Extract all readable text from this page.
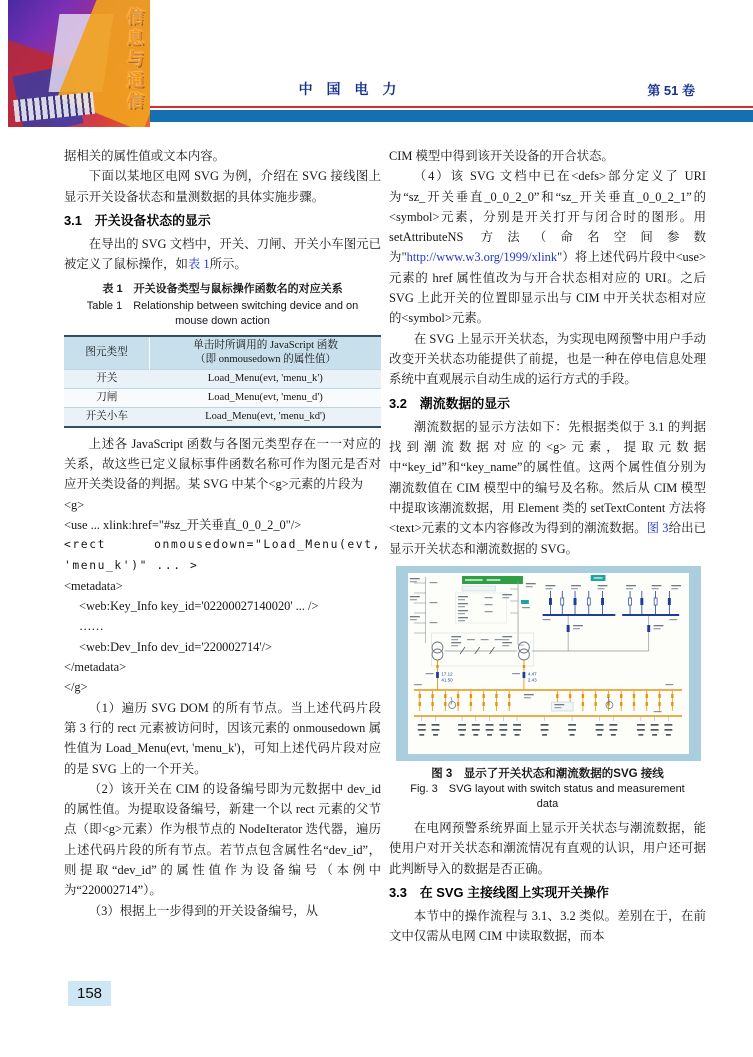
信息与通信	中 国 电 力	第 51 卷

据相关的属性值或文本内容。

下面以某地区电网 SVG 为例，介绍在 SVG 接线图上显示开关设备状态和量测数据的具体实施步骤。

3.1　开关设备状态的显示

在导出的 SVG 文档中，开关、刀闸、开关小车图元已被定义了鼠标操作，如表 1所示。

表 1　开关设备类型与鼠标操作函数名的对应关系
Table 1　Relationship between switching device and on mouse down action
图元类型	单击时所调用的 JavaScript 函数
（即 onmousedown 的属性值）

开关	Load_Menu(evt, 'menu_k')
刀闸	Load_Menu(evt, 'menu_d')
开关小车	Load_Menu(evt, 'menu_kd')

上述各 JavaScript 函数与各图元类型存在一一对应的关系，故这些已定义鼠标事件函数名称可作为图元是否对应开关类设备的判据。某 SVG 中某个<g>元素的片段为

<g>
<use ... xlink:href="#sz_开关垂直_0_0_2_0"/>
<rect onmousedown="Load_Menu(evt, 'menu_k')" ... >
<metadata>
<web:Key_Info key_id='02200027140020' ... />
……
<web:Dev_Info dev_id='220002714'/>
</metadata>
</g>

（1）遍历 SVG DOM 的所有节点。当上述代码片段第 3 行的 rect 元素被访问时，因该元素的 onmousedown 属性值为 Load_Menu(evt, 'menu_k')，可知上述代码片段对应的是 SVG 上的一个开关。

（2）该开关在 CIM 的设备编号即为元数据中 dev_id 的属性值。为提取设备编号，新建一个以 rect 元素的父节点（即<g>元素）作为根节点的 NodeIterator 迭代器，遍历上述代码片段的所有节点。若节点包含属性名“dev_id”，则提取“dev_id”的属性值作为设备编号（本例中为“220002714”）。

（3）根据上一步得到的开关设备编号，从

CIM 模型中得到该开关设备的开合状态。

（4）该 SVG 文档中已在<defs>部分定义了 URI 为“sz_开关垂直_0_0_2_0”和“sz_开关垂直_0_0_2_1”的<symbol>元素，分别是开关打开与闭合时的图形。用 setAttributeNS 方法（命名空间参数为"http://www.w3.org/1999/xlink"）将上述代码片段中<use>元素的 href 属性值改为与开合状态相对应的 URI。之后 SVG 上此开关的位置即显示出与 CIM 中开关状态相对应的<symbol>元素。

在 SVG 上显示开关状态，为实现电网预警中用户手动改变开关状态功能提供了前提，也是一种在停电信息处理系统中直观展示自动生成的运行方式的手段。

3.2　潮流数据的显示

潮流数据的显示方法如下：先根据类似于 3.1 的判据找到潮流数据对应的<g>元素，提取元数据中“key_id”和“key_name”的属性值。这两个属性值分别为潮流数值在 CIM 模型中的编号及名称。然后从 CIM 模型中提取该潮流数据，用 Element 类的 setTextContent 方法将<text>元素的文本内容修改为得到的潮流数据。图 3给出已显示开关状态和潮流数据的 SVG。

17.12
41.50
4.47
2.43
图 3　显示了开关状态和潮流数据的SVG 接线
Fig. 3　SVG layout with switch status and measurement
data

在电网预警系统界面上显示开关状态与潮流数据，能使用户对开关状态和潮流情况有直观的认识，用户还可据此判断导入的数据是否正确。

3.3　在 SVG 主接线图上实现开关操作

本节中的操作流程与 3.1、3.2 类似。差别在于，在前文中仅需从电网 CIM 中读取数据，而本

158
